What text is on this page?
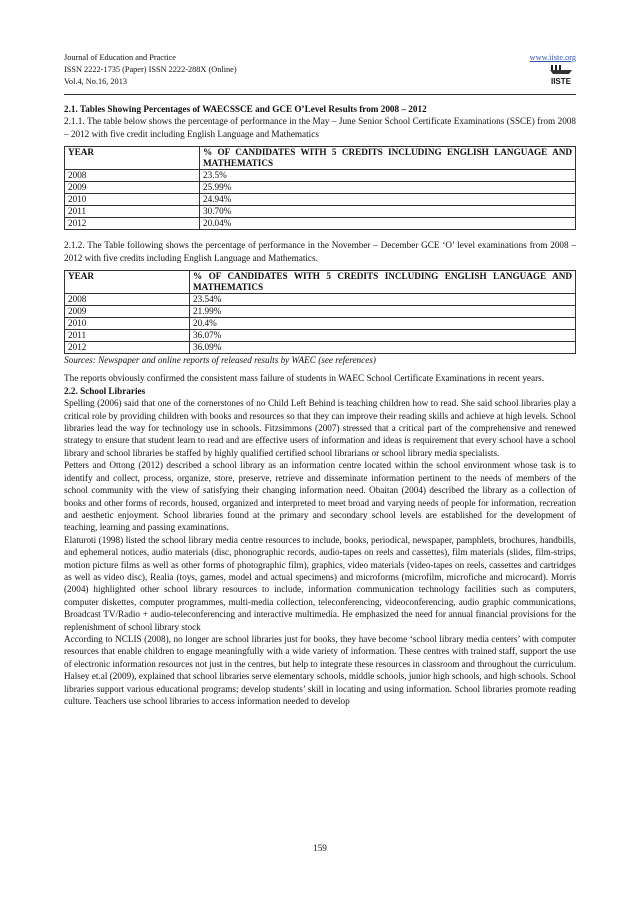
Journal of Education and Practice
ISSN 2222-1735 (Paper) ISSN 2222-288X (Online)
Vol.4, No.16, 2013
www.iiste.org
IISTE

2.1. Tables Showing Percentages of WAECSSCE and GCE O’Level Results from 2008 – 2012

2.1.1. The table below shows the percentage of performance in the May – June Senior School Certificate Examinations (SSCE) from 2008 – 2012 with five credit including English Language and Mathematics

YEAR	% OF CANDIDATES WITH 5 CREDITS INCLUDING ENGLISH LANGUAGE AND MATHEMATICS
2008	23.5%
2009	25.99%
2010	24.94%
2011	30.70%
2012	20.04%

2.1.2. The Table following shows the percentage of performance in the November – December GCE ‘O’ level examinations from 2008 – 2012 with five credits including English Language and Mathematics.

YEAR	% OF CANDIDATES WITH 5 CREDITS INCLUDING ENGLISH LANGUAGE AND MATHEMATICS
2008	23.54%
2009	21.99%
2010	20.4%
2011	36.07%
2012	36.09%

Sources: Newspaper and online reports of released results by WAEC (see references)

The reports obviously confirmed the consistent mass failure of students in WAEC School Certificate Examinations in recent years.

2.2. School Libraries

Spelling (2006) said that one of the cornerstones of no Child Left Behind is teaching children how to read. She said school libraries play a critical role by providing children with books and resources so that they can improve their reading skills and achieve at high levels. School libraries lead the way for technology use in schools. Fitzsimmons (2007) stressed that a critical part of the comprehensive and renewed strategy to ensure that student learn to read and are effective users of information and ideas is requirement that every school have a school library and school libraries be staffed by highly qualified certified school librarians or school library media specialists.

Petters and Ottong (2012) described a school library as an information centre located within the school environment whose task is to identify and collect, process, organize, store, preserve, retrieve and disseminate information pertinent to the needs of members of the school community with the view of satisfying their changing information need. Obaitan (2004) described the library as a collection of books and other forms of records, housed, organized and interpreted to meet broad and varying needs of people for information, recreation and aesthetic enjoyment. School libraries found at the primary and secondary school levels are established for the development of teaching, learning and passing examinations.

Elaturoti (1998) listed the school library media centre resources to include, books, periodical, newspaper, pamphlets, brochures, handbills, and ephemeral notices, audio materials (disc, phonographic records, audio-tapes on reels and cassettes), film materials (slides, film-strips, motion picture films as well as other forms of photographic film), graphics, video materials (video-tapes on reels, cassettes and cartridges as well as video disc), Realia (toys, games, model and actual specimens) and microforms (microfilm, microfiche and microcard). Morris (2004) highlighted other school library resources to include, information communication technology facilities such as computers, computer diskettes, computer programmes, multi-media collection, teleconferencing, videoconferencing, audio graphic communications, Broadcast TV/Radio + audio-teleconferencing and interactive multimedia. He emphasized the need for annual financial provisions for the replenishment of school library stock

According to NCLIS (2008), no longer are school libraries just for books, they have become ‘school library media centers’ with computer resources that enable children to engage meaningfully with a wide variety of information. These centres with trained staff, support the use of electronic information resources not just in the centres, but help to integrate these resources in classroom and throughout the curriculum. Halsey et.al (2009), explained that school libraries serve elementary schools, middle schools, junior high schools, and high schools. School libraries support various educational programs; develop students’ skill in locating and using information. School libraries promote reading culture. Teachers use school libraries to access information needed to develop

159
